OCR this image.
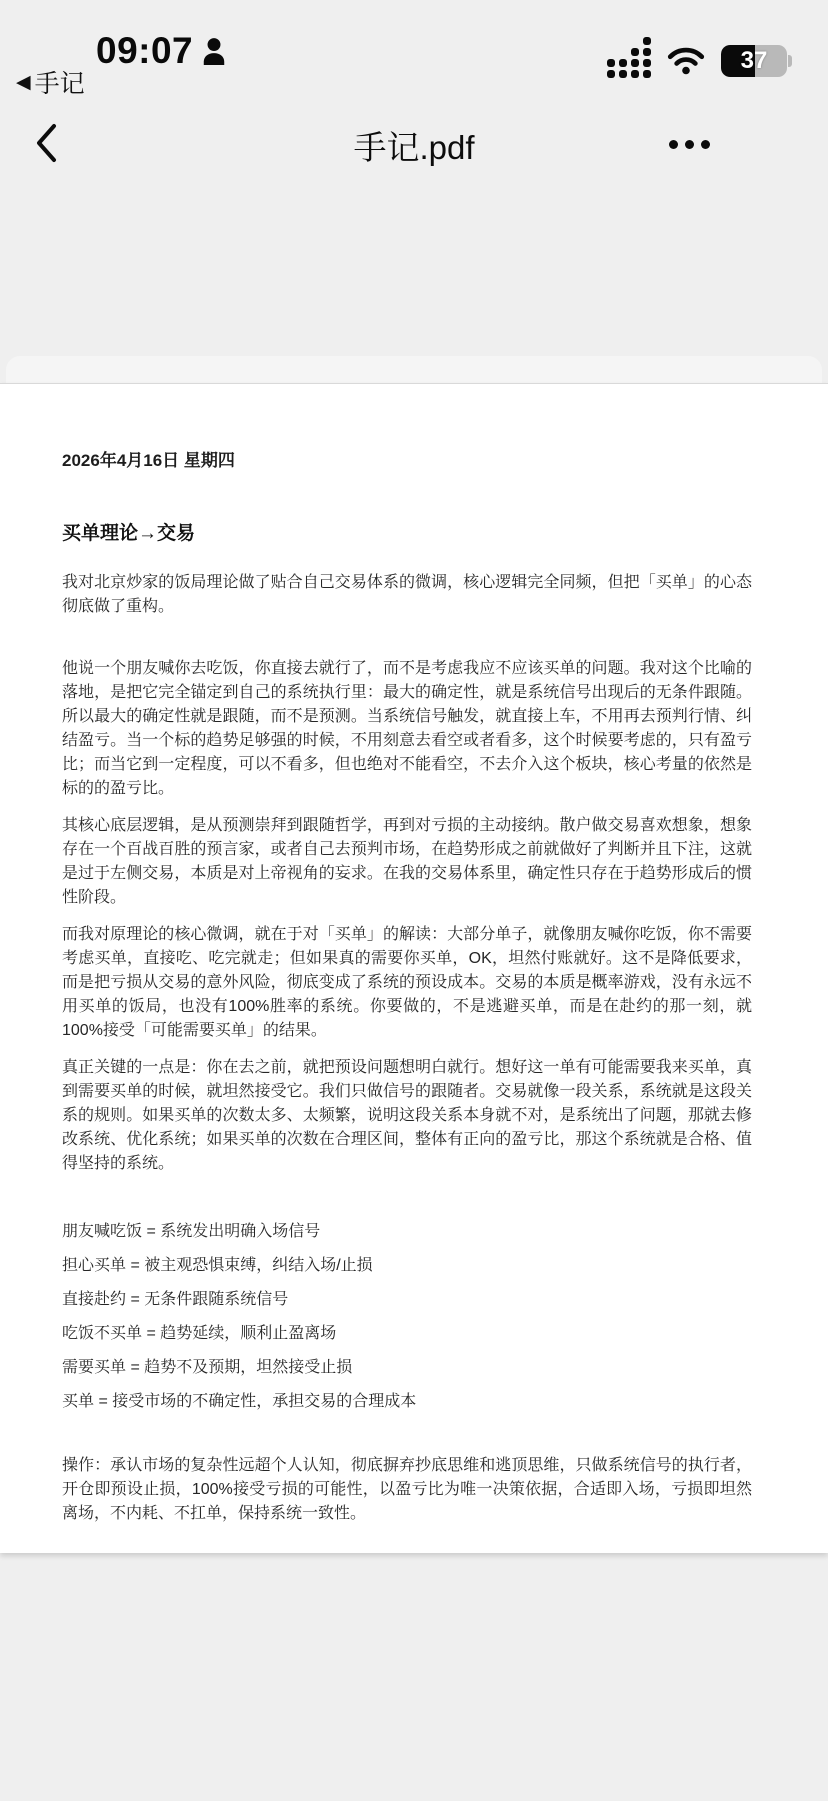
09:07
◀ 手记
37
手记.pdf
2026年4月16日 星期四
买单理论→交易

我对北京炒家的饭局理论做了贴合自己交易体系的微调，核心逻辑完全同频，但把「买单」的心态彻底做了重构。

他说一个朋友喊你去吃饭，你直接去就行了，而不是考虑我应不应该买单的问题。我对这个比喻的落地，是把它完全锚定到自己的系统执行里：最大的确定性，就是系统信号出现后的无条件跟随。所以最大的确定性就是跟随，而不是预测。当系统信号触发，就直接上车，不用再去预判行情、纠结盈亏。当一个标的趋势足够强的时候，不用刻意去看空或者看多，这个时候要考虑的，只有盈亏比；而当它到一定程度，可以不看多，但也绝对不能看空，不去介入这个板块，核心考量的依然是标的的盈亏比。

其核心底层逻辑，是从预测崇拜到跟随哲学，再到对亏损的主动接纳。散户做交易喜欢想象，想象存在一个百战百胜的预言家，或者自己去预判市场，在趋势形成之前就做好了判断并且下注，这就是过于左侧交易，本质是对上帝视角的妄求。在我的交易体系里，确定性只存在于趋势形成后的惯性阶段。

而我对原理论的核心微调，就在于对「买单」的解读：大部分单子，就像朋友喊你吃饭，你不需要考虑买单，直接吃、吃完就走；但如果真的需要你买单，OK，坦然付账就好。这不是降低要求，而是把亏损从交易的意外风险，彻底变成了系统的预设成本。交易的本质是概率游戏，没有永远不用买单的饭局，也没有100%胜率的系统。你要做的，不是逃避买单，而是在赴约的那一刻，就100%接受「可能需要买单」的结果。

真正关键的一点是：你在去之前，就把预设问题想明白就行。想好这一单有可能需要我来买单，真到需要买单的时候，就坦然接受它。我们只做信号的跟随者。交易就像一段关系，系统就是这段关系的规则。如果买单的次数太多、太频繁，说明这段关系本身就不对，是系统出了问题，那就去修改系统、优化系统；如果买单的次数在合理区间，整体有正向的盈亏比，那这个系统就是合格、值得坚持的系统。

朋友喊吃饭 = 系统发出明确入场信号
担心买单 = 被主观恐惧束缚，纠结入场/止损
直接赴约 = 无条件跟随系统信号
吃饭不买单 = 趋势延续，顺利止盈离场
需要买单 = 趋势不及预期，坦然接受止损
买单 = 接受市场的不确定性，承担交易的合理成本

操作：承认市场的复杂性远超个人认知，彻底摒弃抄底思维和逃顶思维，只做系统信号的执行者，开仓即预设止损，100%接受亏损的可能性，以盈亏比为唯一决策依据，合适即入场，亏损即坦然离场，不内耗、不扛单，保持系统一致性。
